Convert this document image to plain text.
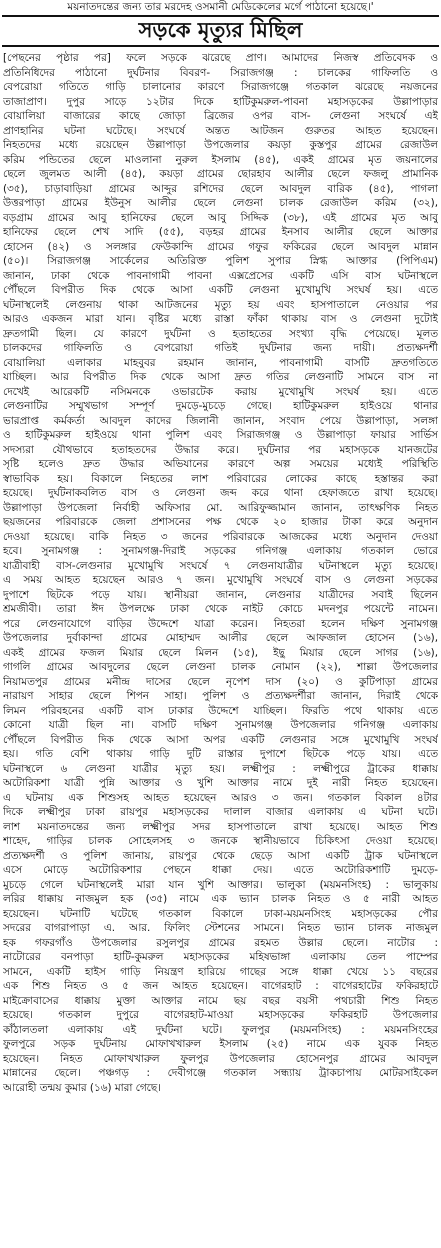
ময়নাতদন্তের জন্য তার মরদেহ ওসমানী মেডিকেলের মর্গে পাঠানো হয়েছে।'
সড়কে মৃত্যুর মিছিল
[পেছনের পৃষ্ঠার পর] ফলে সড়কে ঝরেছে প্রাণ। আমাদের নিজস্ব প্রতিবেদক ও
প্রতিনিধিদের পাঠানো দুর্ঘটনার বিবরণ- সিরাজগঞ্জ : চালকের গাফিলতি ও
বেপরোয়া গতিতে গাড়ি চালানোর কারণে সিরাজগঞ্জে গতকাল ঝরেছে নয়জনের
তাজাপ্রাণ। দুপুর সাড়ে ১২টার দিকে হাটিকুমরুল-পাবনা মহাসড়কের উল্লাপাড়ার
বোয়ালিয়া বাজারের কাছে জোড়া ব্রিজের ওপর বাস- লেগুনা সংঘর্ষে এই
প্রাণহানির ঘটনা ঘটেছে। সংঘর্ষে অন্তত আটজন গুরুতর আহত হয়েছেন।
নিহতদের মধ্যে রয়েছেন উল্লাপাড়া উপজেলার কয়ড়া কুস্তপুর গ্রামের রেজাউল
করিম পন্ডিতের ছেলে মাওলানা নুরুল ইসলাম (৪৫), একই গ্রামের মৃত জয়নালের
ছেলে জুলমত আলী (৪৫), কয়ড়া গ্রামের ছোরহাব আলীর ছেলে ফজলু প্রামানিক
(৩৫), চাড়াবাড়িয়া গ্রামের আব্দুর রশিদের ছেলে আবদুল বারিক (৪৫), পাগলা
উত্তরপাড়া গ্রামের ইউনুস আলীর ছেলে লেগুনা চালক রেজাউল করিম (৩২),
বড়গ্রাম গ্রামের আবু হানিফের ছেলে আবু সিদ্দিক (৩৮), এই গ্রামের মৃত আবু
হানিফের ছেলে শেখ সাদি (৫৫), বড়হর গ্রামের ইনসাব আলীর ছেলে আক্তার
হোসেন (৪২) ও সলঙ্গার ফেউকান্দি গ্রামের গফুর ফকিরের ছেলে আবদুল মান্নান
(৫০)। সিরাজগঞ্জ সার্কেলের অতিরিক্ত পুলিশ সুপার স্নিগ্ধ আক্তার (পিপিএম)
জানান, ঢাকা থেকে পাবনাগামী পাবনা এক্সপ্রেসের একটি এসি বাস ঘটনাস্থলে
পৌঁছলে বিপরীত দিক থেকে আসা একটি লেগুনা মুখোমুখি সংঘর্ষ হয়। এতে
ঘটনাস্থলেই লেগুনায় থাকা আটজনের মৃত্যু হয় এবং হাসপাতালে নেওয়ার পর
আরও একজন মারা যান। বৃষ্টির মধ্যে রাস্তা ফাঁকা থাকায় বাস ও লেগুনা দুটোই
দ্রুতগামী ছিল। যে কারণে দুর্ঘটনা ও হতাহতের সংখ্যা বৃদ্ধি পেয়েছে। মূলত
চালকদের গাফিলতি ও বেপরোয়া গতিই দুর্ঘটনার জন্য দায়ী। প্রত্যক্ষদর্শী
বোয়ালিয়া এলাকার মাহবুবর রহমান জানান, পাবনাগামী বাসটি দ্রুতগতিতে
যাচ্ছিল। আর বিপরীত দিক থেকে আসা দ্রুত গতির লেগুনাটি সামনে বাস না
দেখেই আরেকটি নসিমনকে ওভারটেক করায় মুখোমুখি সংঘর্ষ হয়। এতে
লেগুনাটির সম্মুখভাগ সম্পূর্ণ দুমড়ে-মুচড়ে গেছে। হাটিকুমরুল হাইওয়ে থানার
ভারপ্রাপ্ত কর্মকর্তা আবদুল কাদের জিলানী জানান, সংবাদ পেয়ে উল্লাপাড়া, সলঙ্গা
ও হাটিকুমরুল হাইওয়ে থানা পুলিশ এবং সিরাজগঞ্জ ও উল্লাপাড়া ফায়ার সার্ভিস
সদস্যরা যৌথভাবে হতাহতদের উদ্ধার করে। দুর্ঘটনার পর মহাসড়কে যানজটের
সৃষ্টি হলেও দ্রুত উদ্ধার অভিযানের কারণে অল্প সময়ের মধ্যেই পরিস্থিতি
স্বাভাবিক হয়। বিকালে নিহতের লাশ পরিবারের লোকের কাছে হস্তান্তর করা
হয়েছে। দুর্ঘটনাকবলিত বাস ও লেগুনা জব্দ করে থানা হেফাজতে রাখা হয়েছে।
উল্লাপাড়া উপজেলা নির্বাহী অফিসার মো. আরিফুজ্জামান জানান, তাৎক্ষণিক নিহত
ছয়জনের পরিবারকে জেলা প্রশাসনের পক্ষ থেকে ২০ হাজার টাকা করে অনুদান
দেওয়া হয়েছে। বাকি নিহত ৩ জনের পরিবারকে আজকের মধ্যে অনুদান দেওয়া
হবে। সুনামগঞ্জ : সুনামগঞ্জ-দিরাই সড়কের গনিগঞ্জ এলাকায় গতকাল ভোরে
যাত্রীবাহী বাস-লেগুনার মুখোমুখি সংঘর্ষে ৭ লেগুনাযাত্রীর ঘটনাস্থলে মৃত্যু হয়েছে।
এ সময় আহত হয়েছেন আরও ৭ জন। মুখোমুখি সংঘর্ষে বাস ও লেগুনা সড়কের
দুপাশে ছিটকে পড়ে যায়। স্থানীয়রা জানান, লেগুনার যাত্রীদের সবাই ছিলেন
শ্রমজীবী। তারা ঈদ উপলক্ষে ঢাকা থেকে নাইট কোচে মদনপুর পয়েন্টে নামেন।
পরে লেগুনাযোগে বাড়ির উদ্দেশে যাত্রা করেন। নিহতরা হলেন দক্ষিণ সুনামগঞ্জ
উপজেলার দুর্বাকান্দা গ্রামের মোহাম্মদ আলীর ছেলে আফজাল হোসেন (১৬),
একই গ্রামের ফজল মিয়ার ছেলে মিলন (১৫), ইছু মিয়ার ছেলে সাগর (১৬),
গাগলি গ্রামের আবদুলের ছেলে লেগুনা চালক নোমান (২২), শাল্লা উপজেলার
নিয়ামতপুর গ্রামের মনীন্দ্র দাসের ছেলে নৃপেশ দাস (২০) ও কুটিপাড়া গ্রামের
নারায়ণ সাহার ছেলে শিপন সাহা। পুলিশ ও প্রত্যক্ষদর্শীরা জানান, দিরাই থেকে
লিমন পরিবহনের একটি বাস ঢাকার উদ্দেশে যাচ্ছিল। ফিরতি পথে থাকায় এতে
কোনো যাত্রী ছিল না। বাসটি দক্ষিণ সুনামগঞ্জ উপজেলার গনিগঞ্জ এলাকায়
পৌঁছলে বিপরীত দিক থেকে আসা অপর একটি লেগুনার সঙ্গে মুখোমুখি সংঘর্ষ
হয়। গতি বেশি থাকায় গাড়ি দুটি রাস্তার দুপাশে ছিটকে পড়ে যায়। এতে
ঘটনাস্থলে ৬ লেগুনা যাত্রীর মৃত্যু হয়। লক্ষ্মীপুর : লক্ষ্মীপুরে ট্রাকের ধাক্কায়
অটোরিকশা যাত্রী পুন্নি আক্তার ও খুশি আক্তার নামে দুই নারী নিহত হয়েছেন।
এ ঘটনায় এক শিশুসহ আহত হয়েছেন আরও ৩ জন। গতকাল বিকাল ৪টার
দিকে লক্ষ্মীপুর ঢাকা রায়পুর মহাসড়কের দালাল বাজার এলাকায় এ ঘটনা ঘটে।
লাশ ময়নাতদন্তের জন্য লক্ষ্মীপুর সদর হাসপাতালে রাখা হয়েছে। আহত শিশু
শাহেদ, গাড়ির চালক সোহেলসহ ৩ জনকে স্থানীয়ভাবে চিকিৎসা দেওয়া হয়েছে।
প্রত্যক্ষদর্শী ও পুলিশ জানায়, রায়পুর থেকে ছেড়ে আসা একটি ট্রাক ঘটনাস্থলে
এসে মোড়ে অটোরিকশার পেছনে ধাক্কা দেয়। এতে অটোরিকশাটি দুমড়ে-
মুচড়ে গেলে ঘটনাস্থলেই মারা যান খুশি আক্তার। ভালুকা (ময়মনসিংহ) : ভালুকায়
লরির ধাক্কায় নাজমুল হক (৩৫) নামে এক ভ্যান চালক নিহত ও ৫ নারী আহত
হয়েছেন। ঘটনাটি ঘটেছে গতকাল বিকালে ঢাকা-ময়মনসিংহ মহাসড়কের পৌর
সদরের বাগরাপাড়া এ. আর. ফিলিং স্টেশনের সামনে। নিহত ভ্যান চালক নাজমুল
হক গফরগাঁও উপজেলার রসুলপুর গ্রামের রহমত উল্লার ছেলে। নাটোর :
নাটোরের বনপাড়া হাটি-কুমরুল মহাসড়কের মহিষভাঙ্গা এলাকায় তেল পাম্পের
সামনে, একটি হাইস গাড়ি নিয়ন্ত্রণ হারিয়ে গাছের সঙ্গে ধাক্কা খেয়ে ১১ বছরের
এক শিশু নিহত ও ৫ জন আহত হয়েছেন। বাগেরহাট : বাগেরহাটের ফকিরহাটে
মাইক্রোবাসের ধাক্কায় মুক্তা আক্তার নামে ছয় বছর বয়সী পথচারী শিশু নিহত
হয়েছে। গতকাল দুপুরে বাগেরহাট-মাওয়া মহাসড়কের ফকিরহাট উপজেলার
কাঁঠালতলা এলাকায় এই দুর্ঘটনা ঘটে। ফুলপুর (ময়মনসিংহ) : ময়মনসিংহের
ফুলপুরে সড়ক দুর্ঘটনায় মোফাখখারুল ইসলাম (২৫) নামে এক যুবক নিহত
হয়েছেন। নিহত মোফাখখারুল ফুলপুর উপজেলার হোসেনপুর গ্রামের আবদুল
মান্নানের ছেলে। পঞ্চগড় : দেবীগঞ্জে গতকাল সন্ধ্যায় ট্রাকচাপায় মোটরসাইকেল
আরোহী তন্ময় কুমার (১৬) মারা গেছে।
